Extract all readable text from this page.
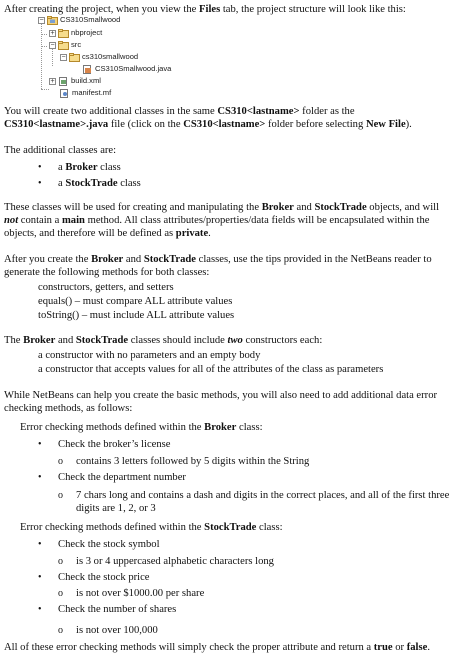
After creating the project, when you view the Files tab, the project structure will look like this:
− CS310Smallwood
+ nbproject
− src
− cs310smallwood
CS310Smallwood.java
+ build.xml
manifest.mf
You will create two additional classes in the same CS310<lastname> folder as the
CS310<lastname>.java file (click on the CS310<lastname> folder before selecting New File).
The additional classes are:
• a Broker class
• a StockTrade class
These classes will be used for creating and manipulating the Broker and StockTrade objects, and will
not contain a main method. All class attributes/properties/data fields will be encapsulated within the
objects, and therefore will be defined as private.
After you create the Broker and StockTrade classes, use the tips provided in the NetBeans reader to
generate the following methods for both classes:
constructors, getters, and setters
equals() – must compare ALL attribute values
toString() – must include ALL attribute values
The Broker and StockTrade classes should include two constructors each:
a constructor with no parameters and an empty body
a constructor that accepts values for all of the attributes of the class as parameters
While NetBeans can help you create the basic methods, you will also need to add additional data error
checking methods, as follows:
Error checking methods defined within the Broker class:
• Check the broker’s license
o contains 3 letters followed by 5 digits within the String
• Check the department number
o 7 chars long and contains a dash and digits in the correct places, and all of the first three
digits are 1, 2, or 3
Error checking methods defined within the StockTrade class:
• Check the stock symbol
o is 3 or 4 uppercased alphabetic characters long
• Check the stock price
o is not over $1000.00 per share
• Check the number of shares
o is not over 100,000
All of these error checking methods will simply check the proper attribute and return a true or false.
